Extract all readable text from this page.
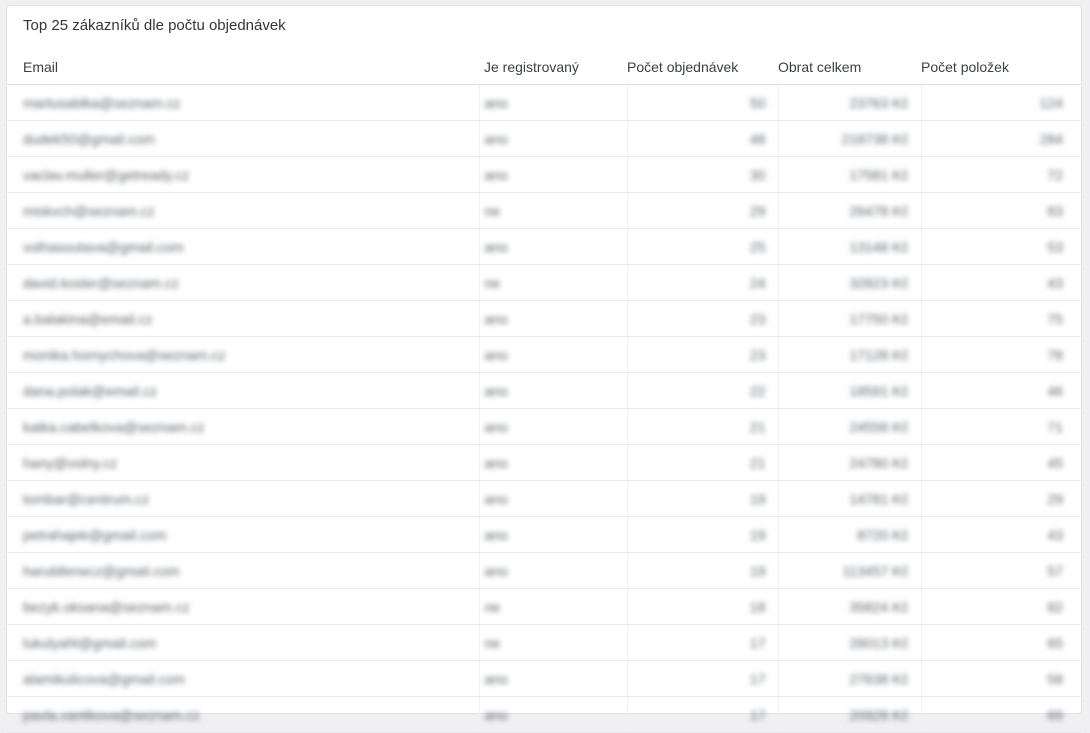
Top 25 zákazníků dle počtu objednávek
Email	Je registrovaný	Počet objednávek	Obrat celkem	Počet položek
martusablka@seznam.cz	ano	50	23763 Kč	124
dudek50@gmail.com	ano	48	218738 Kč	284
vaclav.muller@getready.cz	ano	30	17581 Kč	72
miskvch@seznam.cz	ne	29	26478 Kč	83
volhasoutava@gmail.com	ano	25	13148 Kč	53
david.kosler@seznam.cz	ne	24	32823 Kč	43
a.balakina@email.cz	ano	23	17750 Kč	75
monika.hornychova@seznam.cz	ano	23	17128 Kč	78
dana.polak@email.cz	ano	22	18591 Kč	46
katka.cabelkova@seznam.cz	ano	21	24558 Kč	71
hany@volny.cz	ano	21	24780 Kč	45
tombar@centrum.cz	ano	19	14781 Kč	29
petrahajek@gmail.com	ano	19	8720 Kč	43
harubllerwcz@gmail.com	ano	19	113457 Kč	57
bezyk.oksana@seznam.cz	ne	18	35824 Kč	82
lukulyaf4@gmail.com	ne	17	28013 Kč	65
alamikulicova@gmail.com	ano	17	27638 Kč	58
pavla.vanlikova@seznam.cz	ano	17	20928 Kč	69
